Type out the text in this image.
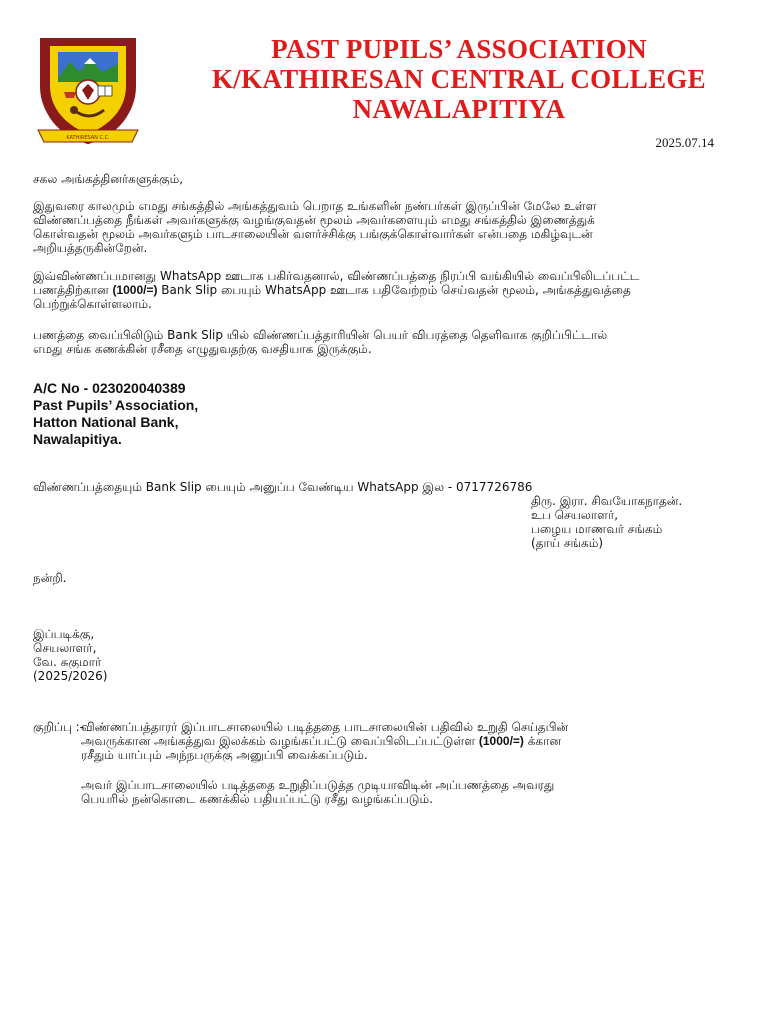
KATHIRESAN C.C.
PAST PUPILS’ ASSOCIATION
K/KATHIRESAN CENTRAL COLLEGE
NAWALAPITIYA
2025.07.14
சகல அங்கத்தினர்களுக்கும்,
இதுவரை காலமும் எமது சங்கத்தில் அங்கத்துவம் பெறாத உங்களின் நண்பர்கள் இருப்பின் மேலே உள்ள
விண்ணப்பத்தை நீங்கள் அவர்களுக்கு வழங்குவதன் மூலம் அவர்களையும் எமது சங்கத்தில் இணைத்துக்
கொள்வதன் மூலம் அவர்களும் பாடசாலையின் வளர்ச்சிக்கு பங்குக்கொள்வார்கள் என்பதை மகிழ்வுடன்
அறியத்தருகின்றேன்.
இவ்விண்ணப்பமானது WhatsApp ஊடாக பகிர்வதனால், விண்ணப்பத்தை நிரப்பி வங்கியில் வைப்பிலிடப்பட்ட
பணத்திற்கான (1000/=) Bank Slip பையும் WhatsApp ஊடாக பதிவேற்றம் செய்வதன் மூலம், அங்கத்துவத்தை
பெற்றுக்கொள்ளலாம்.
பணத்தை வைப்பிலிடும் Bank Slip யில் விண்ணப்பத்தாரியின் பெயர் விபரத்தை தெளிவாக குறிப்பிட்டால்
எமது சங்க கணக்கின் ரசீதை எழுதுவதற்கு வசதியாக இருக்கும்.
A/C No - 023020040389
Past Pupils’ Association,
Hatton National Bank,
Nawalapitiya.
விண்ணப்பத்தையும் Bank Slip பையும் அனுப்ப வேண்டிய WhatsApp இல - 0717726786
திரு. இரா. சிவயோகநாதன்.
உப செயலாளர்,
பழைய மாணவர் சங்கம்
(தாய் சங்கம்)
நன்றி.
இப்படிக்கு,
செயலாளர்,
வே. சுகுமார்
(2025/2026)
குறிப்பு :-
விண்ணப்பத்தாரர் இப்பாடசாலையில் படித்ததை பாடசாலையின் பதிவில் உறுதி செய்தபின்
அவருக்கான அங்கத்துவ இலக்கம் வழங்கப்பட்டு வைப்பிலிடப்பட்டுள்ள (1000/=) க்கான
ரசீதும் யாப்பும் அந்நபருக்கு அனுப்பி வைக்கப்படும்.
அவர் இப்பாடசாலையில் படித்ததை உறுதிப்படுத்த முடியாவிடின் அப்பணத்தை அவரது
பெயரில் நன்கொடை கணக்கில் பதியப்பட்டு ரசீது வழங்கப்படும்.
